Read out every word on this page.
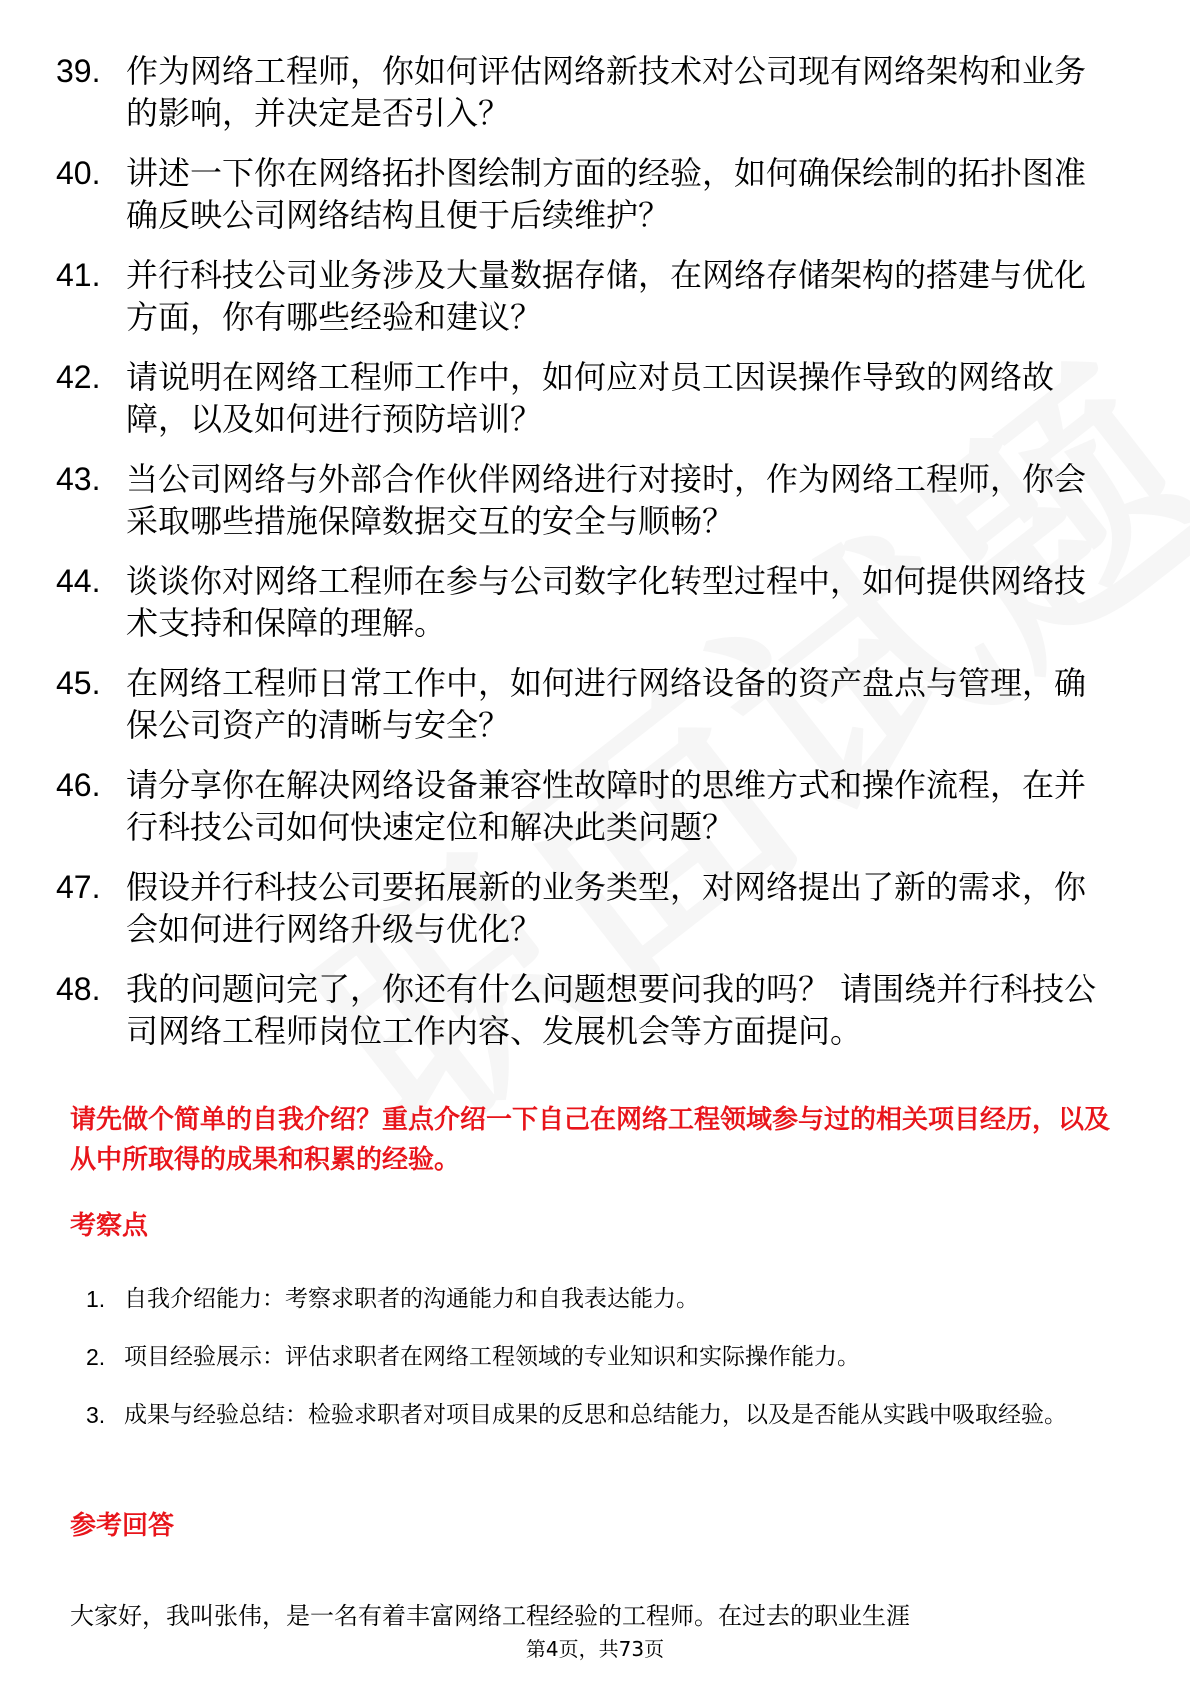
39. 作为网络工程师，你如何评估网络新技术对公司现有网络架构和业务的影响，并决定是否引入？
40. 讲述一下你在网络拓扑图绘制方面的经验，如何确保绘制的拓扑图准确反映公司网络结构且便于后续维护？
41. 并行科技公司业务涉及大量数据存储，在网络存储架构的搭建与优化方面，你有哪些经验和建议？
42. 请说明在网络工程师工作中，如何应对员工因误操作导致的网络故障，以及如何进行预防培训？
43. 当公司网络与外部合作伙伴网络进行对接时，作为网络工程师，你会采取哪些措施保障数据交互的安全与顺畅？
44. 谈谈你对网络工程师在参与公司数字化转型过程中，如何提供网络技术支持和保障的理解。
45. 在网络工程师日常工作中，如何进行网络设备的资产盘点与管理，确保公司资产的清晰与安全？
46. 请分享你在解决网络设备兼容性故障时的思维方式和操作流程，在并行科技公司如何快速定位和解决此类问题？
47. 假设并行科技公司要拓展新的业务类型，对网络提出了新的需求，你会如何进行网络升级与优化？
48. 我的问题问完了，你还有什么问题想要问我的吗？ 请围绕并行科技公司网络工程师岗位工作内容、发展机会等方面提问。

请先做个简单的自我介绍？重点介绍一下自己在网络工程领域参与过的相关项目经历，以及从中所取得的成果和积累的经验。

考察点
1. 自我介绍能力：考察求职者的沟通能力和自我表达能力。
2. 项目经验展示：评估求职者在网络工程领域的专业知识和实际操作能力。
3. 成果与经验总结：检验求职者对项目成果的反思和总结能力，以及是否能从实践中吸取经验。
参考回答

大家好，我叫张伟，是一名有着丰富网络工程经验的工程师。在过去的职业生涯

第4页，共73页
